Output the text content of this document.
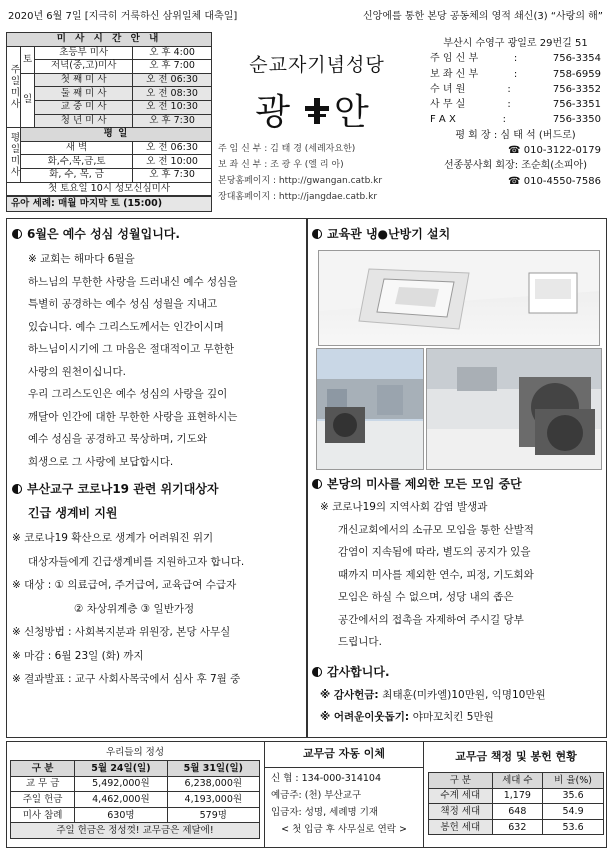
2020년 6월 7일 [지극히 거룩하신 삼위일체 대축일]	신앙에를 통한 본당 공동체의 영적 쇄신(3) “사랑의 해”
미 사 시 간 안 내			
주일미사	토	초등부 미사	오 후 4:00
		저녁(중,고)미사	오 후 7:00
	일	첫 째 미 사	오 전 06:30
		둘 째 미 사	오 전 08:30
		교 중 미 사	오 전 10:30
		청 년 미 사	오 후 7:30
평일미사	평 일		
	새 벽		오 전 06:30
	화,수,목,금,토		오 전 10:00
	화, 수, 목, 금		오 후 7:30
첫 토요일 10시 성모신심미사			
유아 세례: 매월 마지막 토 (15:00)
순교자기념성당
광 안
주 임 신 부 : 김 태 경 (세례자요한)
보 좌 신 부 : 조 광 우 (엘 리 아)
본당홈페이지 : http://gwangan.catb.kr
장대홈페이지 : http://jangdae.catb.kr
부산시 수영구 광일로 29번길 51
주 임 신 부	:	756-3354
보 좌 신 부	:	758-6959
수 녀 원	:	756-3352
사 무 실	:	756-3351
F A X	:	756-3350
평 회 장 : 심 태 석 (버드로)
☎ 010-3122-0179
선종봉사회 회장: 조순희(소피아)
☎ 010-4550-7586
6월은 예수 성심 성월입니다.
※ 교회는 해마다 6월을
하느님의 무한한 사랑을 드러내신 예수 성심을
특별히 공경하는 예수 성심 성월을 지내고
있습니다. 예수 그리스도께서는 인간이시며
하느님이시기에 그 마음은 절대적이고 무한한
사랑의 원천이십니다.
우리 그리스도인은 예수 성심의 사랑을 깊이
깨달아 인간에 대한 무한한 사랑을 표현하시는
예수 성심을 공경하고 묵상하며, 기도와
희생으로 그 사랑에 보답합시다.
부산교구 코로나19 관련 위기대상자
긴급 생계비 지원
※ 코로나19 확산으로 생계가 어려워진 위기
대상자들에게 긴급생계비를 지원하고자 합니다.
※ 대상 : ① 의료급여, 주거급여, 교육급여 수급자
② 차상위계층 ③ 일반가정
※ 신청방법 : 사회복지분과 위원장, 본당 사무실
※ 마감 : 6월 23일 (화) 까지
※ 결과발표 : 교구 사회사목국에서 심사 후 7월 중
교육관 냉●난방기 설치
본당의 미사를 제외한 모든 모임 중단
※ 코로나19의 지역사회 감염 발생과
개신교회에서의 소규모 모임을 통한 산발적
감염이 지속됨에 따라, 별도의 공지가 있을
때까지 미사를 제외한 연수, 피정, 기도회와
모임은 하실 수 없으며, 성당 내의 좁은
공간에서의 접촉을 자제하여 주시길 당부
드립니다.
감사합니다.
※ 감사헌금: 최태훈(미카엘)10만원, 익명10만원
※ 어려운이웃돕기: 야마꼬치킨 5만원
우리들의 정성		
구 분	5월 24일(일)	5월 31일(일)
교 무 금	5,492,000원	6,238,000원
주일 헌금	4,462,000원	4,193,000원
미사 참례	630명	579명
주일 헌금은 정성껏! 교무금은 제달에!		
교무금 자동 이체
신 협 : 134-000-314104
예금주: (천) 부산교구
입금자: 성명, 세례명 기재
< 첫 입금 후 사무실로 연락 >
교무금 책정 및 봉헌 현황
구 분	세대 수	비 율(%)
수계 세대	1,179	35.6
책정 세대	648	54.9
봉헌 세대	632	53.6
